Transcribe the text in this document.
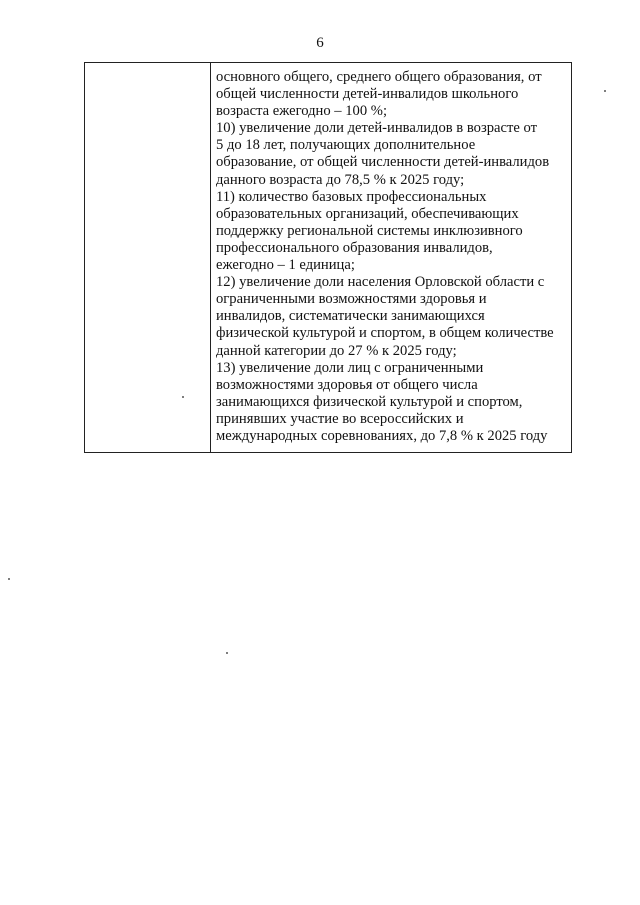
6

основного общего, среднего общего образования, от
общей численности детей-инвалидов школьного
возраста ежегодно – 100 %;
10) увеличение доли детей-инвалидов в возрасте от
5 до 18 лет, получающих дополнительное
образование, от общей численности детей-инвалидов
данного возраста до 78,5 % к 2025 году;
11) количество базовых профессиональных
образовательных организаций, обеспечивающих
поддержку региональной системы инклюзивного
профессионального образования инвалидов,
ежегодно – 1 единица;
12) увеличение доли населения Орловской области с
ограниченными возможностями здоровья и
инвалидов, систематически занимающихся
физической культурой и спортом, в общем количестве
данной категории до 27 % к 2025 году;
13) увеличение доли лиц с ограниченными
возможностями здоровья от общего числа
занимающихся физической культурой и спортом,
принявших участие во всероссийских и
международных соревнованиях, до 7,8 % к 2025 году
